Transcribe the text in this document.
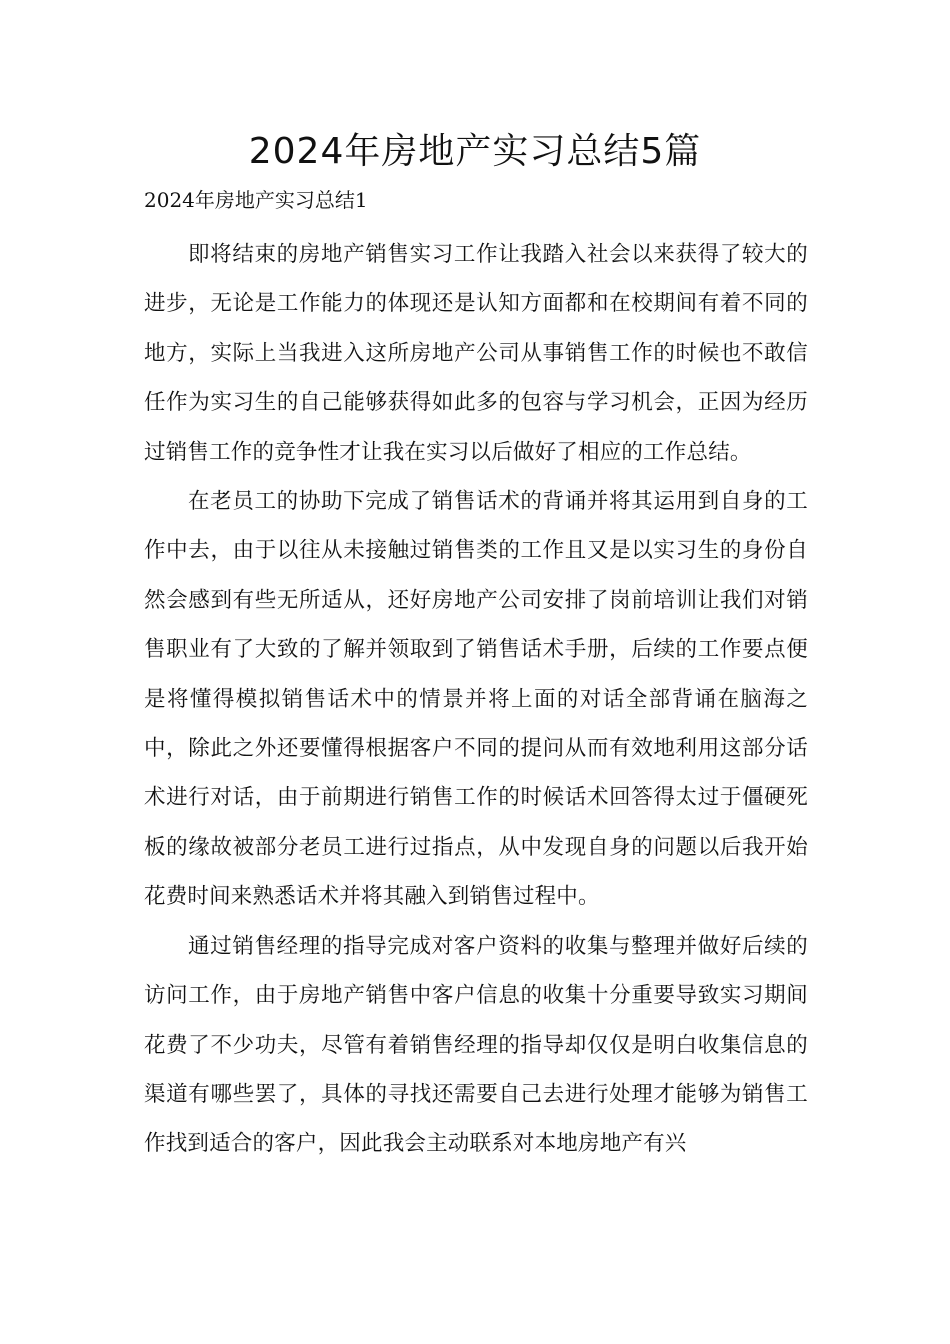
2024年房地产实习总结5篇

2024年房地产实习总结1

即将结束的房地产销售实习工作让我踏入社会以来获得了较大的进步，无论是工作能力的体现还是认知方面都和在校期间有着不同的地方，实际上当我进入这所房地产公司从事销售工作的时候也不敢信任作为实习生的自己能够获得如此多的包容与学习机会，正因为经历过销售工作的竞争性才让我在实习以后做好了相应的工作总结。

在老员工的协助下完成了销售话术的背诵并将其运用到自身的工作中去，由于以往从未接触过销售类的工作且又是以实习生的身份自然会感到有些无所适从，还好房地产公司安排了岗前培训让我们对销售职业有了大致的了解并领取到了销售话术手册，后续的工作要点便是将懂得模拟销售话术中的情景并将上面的对话全部背诵在脑海之中，除此之外还要懂得根据客户不同的提问从而有效地利用这部分话术进行对话，由于前期进行销售工作的时候话术回答得太过于僵硬死板的缘故被部分老员工进行过指点，从中发现自身的问题以后我开始花费时间来熟悉话术并将其融入到销售过程中。

通过销售经理的指导完成对客户资料的收集与整理并做好后续的访问工作，由于房地产销售中客户信息的收集十分重要导致实习期间花费了不少功夫，尽管有着销售经理的指导却仅仅是明白收集信息的渠道有哪些罢了，具体的寻找还需要自己去进行处理才能够为销售工作找到适合的客户，因此我会主动联系对本地房地产有兴
